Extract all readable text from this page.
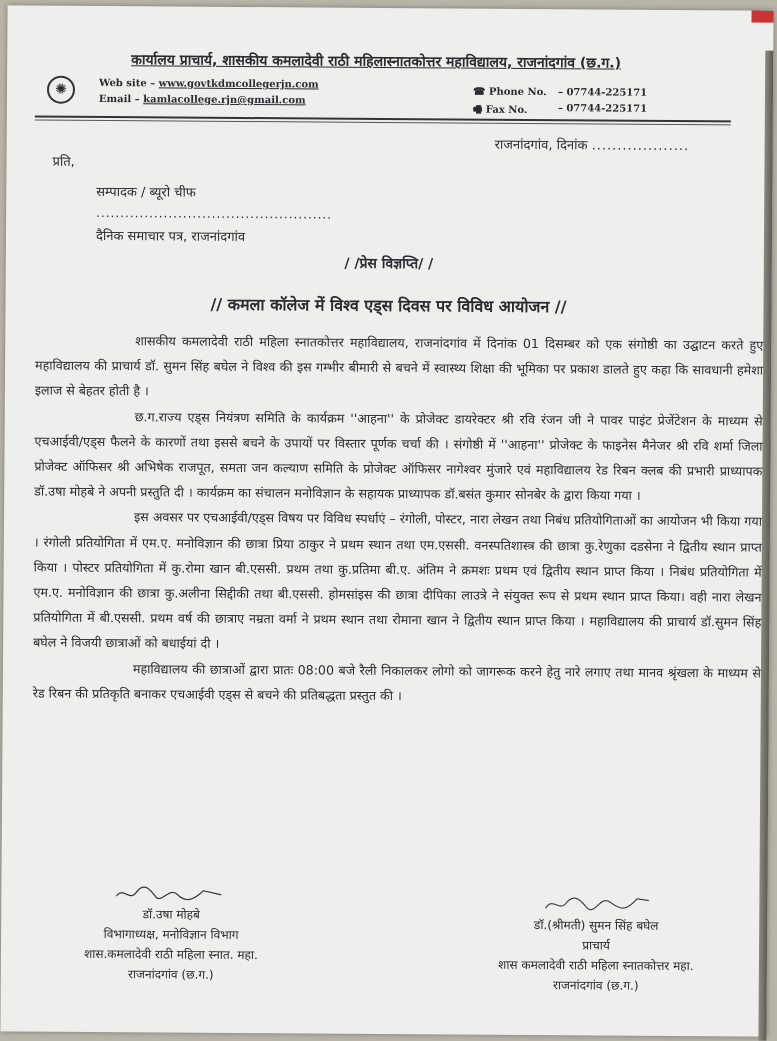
✺
कार्यालय प्राचार्य, शासकीय कमलादेवी राठी महिलास्नातकोत्तर महाविद्यालय, राजनांदगांव (छ.ग.)
Web site – www.govtkdmcollegerjn.com
Email – kamlacollege.rjn@gmail.com
☎ Phone No. – 07744-225171
🖷 Fax No.	– 07744-225171
राजनांदगांव, दिनांक ...................
प्रति,
सम्पादक / ब्यूरो चीफ
.................................................
दैनिक समाचार पत्र, राजनांदगांव
/ /प्रेस विज्ञप्ति/ /
// कमला कॉलेज में विश्व एड्स दिवस पर विविध आयोजन //

शासकीय कमलादेवी राठी महिला स्नातकोत्तर महाविद्यालय, राजनांदगांव में दिनांक 01 दिसम्बर को एक संगोष्ठी का उद्घाटन करते हुए महाविद्यालय की प्राचार्य डॉ. सुमन सिंह बघेल ने विश्व की इस गम्भीर बीमारी से बचने में स्वास्थ्य शिक्षा की भूमिका पर प्रकाश डालते हुए कहा कि सावधानी हमेशा इलाज से बेहतर होती है ।

छ.ग.राज्य एड्स नियंत्रण समिति के कार्यक्रम ''आहना'' के प्रोजेक्ट डायरेक्टर श्री रवि रंजन जी ने पावर पाइंट प्रेजेंटेशन के माध्यम से एचआईवी/एड्स फैलने के कारणों तथा इससे बचने के उपायों पर विस्तार पूर्णक चर्चा की । संगोष्ठी में ''आहना'' प्रोजेक्ट के फाइनेस मैनेजर श्री रवि शर्मा जिला प्रोजेक्ट ऑफिसर श्री अभिषेक राजपूत, समता जन कल्याण समिति के प्रोजेक्ट ऑफिसर नागेश्वर मुंजारे एवं महाविद्यालय रेड रिबन क्लब की प्रभारी प्राध्यापक डॉ.उषा मोहबे ने अपनी प्रस्तुति दी । कार्यक्रम का संचालन मनोविज्ञान के सहायक प्राध्यापक डॉ.बसंत कुमार सोनबेर के द्वारा किया गया ।

इस अवसर पर एचआईवी/एड्स विषय पर विविध स्पर्धाएं – रंगोली, पोस्टर, नारा लेखन तथा निबंध प्रतियोगिताओं का आयोजन भी किया गया । रंगोली प्रतियोगिता में एम.ए. मनोविज्ञान की छात्रा प्रिया ठाकुर ने प्रथम स्थान तथा एम.एससी. वनस्पतिशास्त्र की छात्रा कु.रेणुका दडसेना ने द्वितीय स्थान प्राप्त किया । पोस्टर प्रतियोगिता में कु.रोमा खान बी.एससी. प्रथम तथा कु.प्रतिमा बी.ए. अंतिम ने क्रमशः प्रथम एवं द्वितीय स्थान प्राप्त किया । निबंध प्रतियोगिता में एम.ए. मनोविज्ञान की छात्रा कु.अलीना सिद्दीकी तथा बी.एससी. होमसांइस की छात्रा दीपिका लाउत्रे ने संयुक्त रूप से प्रथम स्थान प्राप्त किया। वही नारा लेखन प्रतियोगिता में बी.एससी. प्रथम वर्ष की छात्राए नम्रता वर्मा ने प्रथम स्थान तथा रोमाना खान ने द्वितीय स्थान प्राप्त किया । महाविद्यालय की प्राचार्य डॉ.सुमन सिंह बघेल ने विजयी छात्राओं को बधाईयां दी ।

महाविद्यालय की छात्राओं द्वारा प्रातः 08:00 बजे रैली निकालकर लोगो को जागरूक करने हेतु नारे लगाए तथा मानव श्रृंखला के माध्यम से रेड रिबन की प्रतिकृति बनाकर एचआईवी एड्स से बचने की प्रतिबद्धता प्रस्तुत की ।

डॉ.उषा मोहबे
विभागाध्यक्ष, मनोविज्ञान विभाग
शास.कमलादेवी राठी महिला स्नात. महा.
राजनांदगांव (छ.ग.)
डॉ.(श्रीमती) सुमन सिंह बघेल
प्राचार्य
शास कमलादेवी राठी महिला स्नातकोत्तर महा.
राजनांदगांव (छ.ग.)
